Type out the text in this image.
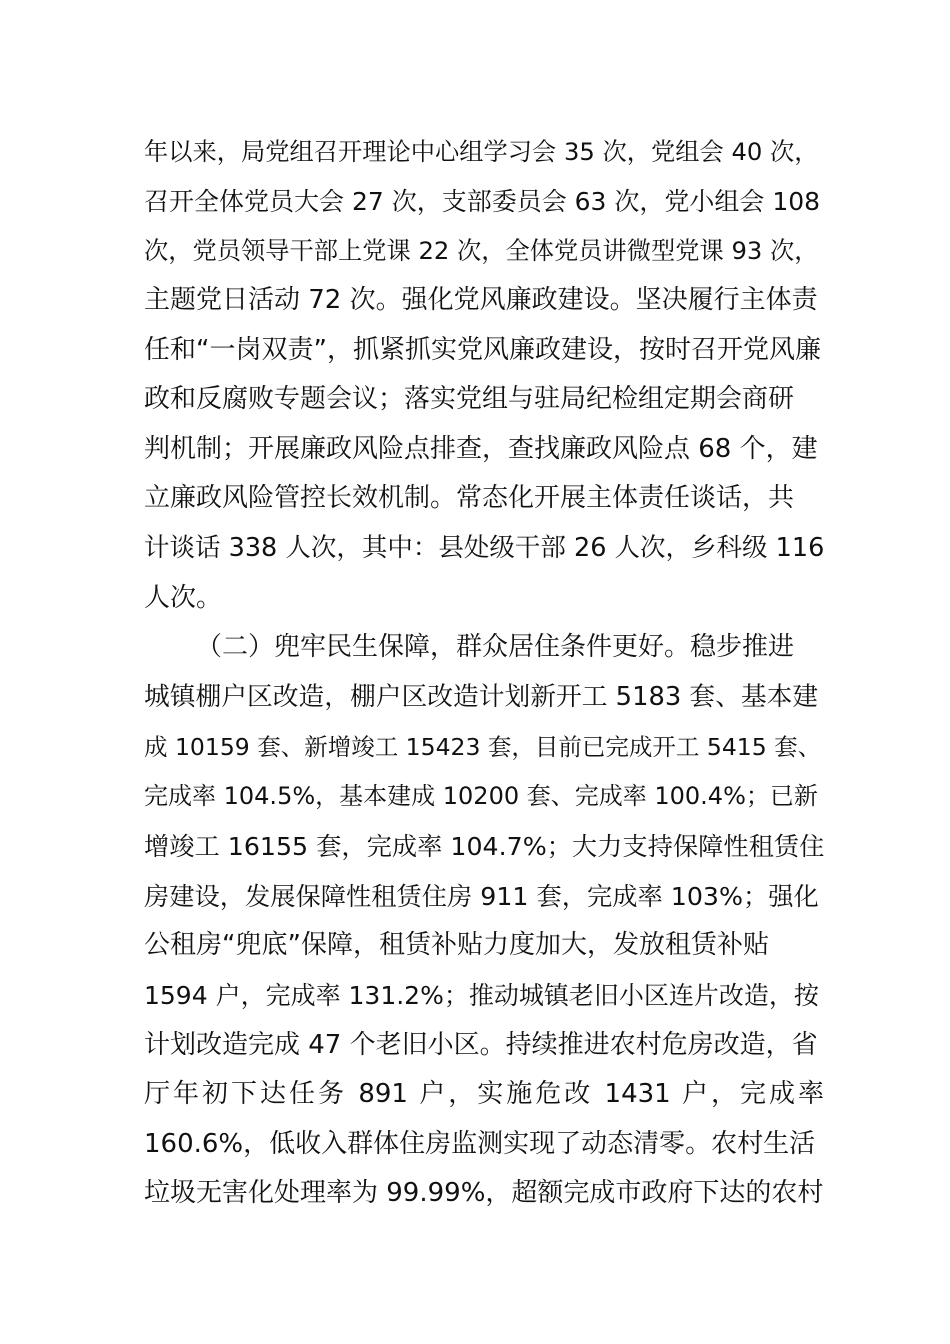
年以来，局党组召开理论中心组学习会 35 次，党组会 40 次，
召开全体党员大会 27 次，支部委员会 63 次，党小组会 108
次，党员领导干部上党课 22 次，全体党员讲微型党课 93 次，
主题党日活动 72 次。强化党风廉政建设。坚决履行主体责
任和“一岗双责”，抓紧抓实党风廉政建设，按时召开党风廉
政和反腐败专题会议；落实党组与驻局纪检组定期会商研
判机制；开展廉政风险点排查，查找廉政风险点 68 个，建
立廉政风险管控长效机制。常态化开展主体责任谈话，共
计谈话 338 人次，其中：县处级干部 26 人次，乡科级 116
人次。
（二）兜牢民生保障，群众居住条件更好。稳步推进
城镇棚户区改造，棚户区改造计划新开工 5183 套、基本建
成 10159 套、新增竣工 15423 套，目前已完成开工 5415 套、
完成率 104.5%，基本建成 10200 套、完成率 100.4%；已新
增竣工 16155 套，完成率 104.7%；大力支持保障性租赁住
房建设，发展保障性租赁住房 911 套，完成率 103%；强化
公租房“兜底”保障，租赁补贴力度加大，发放租赁补贴
1594 户，完成率 131.2%；推动城镇老旧小区连片改造，按
计划改造完成 47 个老旧小区。持续推进农村危房改造，省
厅年初下达任务 891 户，实施危改 1431 户，完成率
160.6%，低收入群体住房监测实现了动态清零。农村生活
垃圾无害化处理率为 99.99%，超额完成市政府下达的农村
